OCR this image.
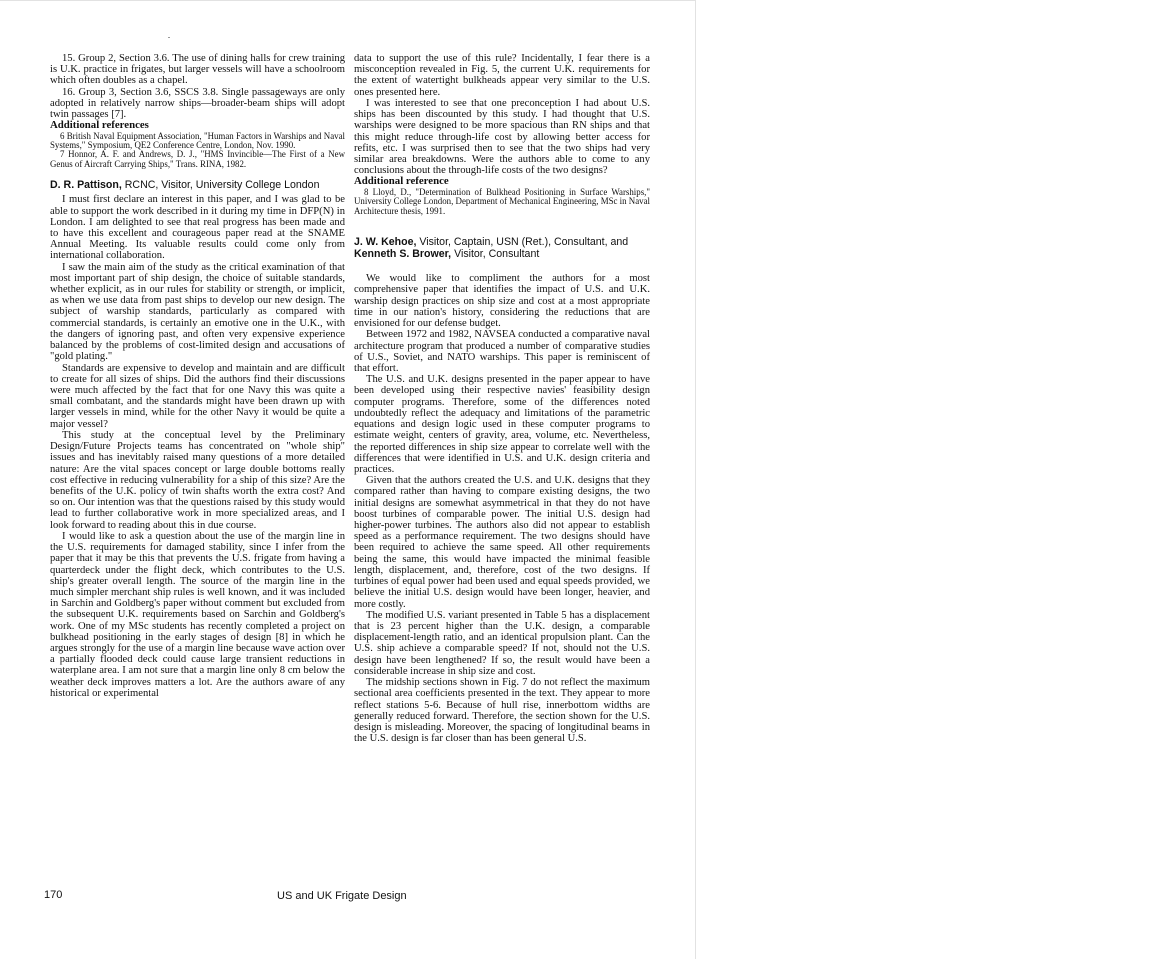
15. Group 2, Section 3.6. The use of dining halls for crew training is U.K. practice in frigates, but larger vessels will have a schoolroom which often doubles as a chapel.

16. Group 3, Section 3.6, SSCS 3.8. Single passageways are only adopted in relatively narrow ships—broader-beam ships will adopt twin passages [7].

Additional references

6 British Naval Equipment Association, "Human Factors in Warships and Naval Systems," Symposium, QE2 Conference Centre, London, Nov. 1990.

7 Honnor, A. F. and Andrews, D. J., "HMS Invincible—The First of a New Genus of Aircraft Carrying Ships," Trans. RINA, 1982.

D. R. Pattison, RCNC, Visitor, University College London

I must first declare an interest in this paper, and I was glad to be able to support the work described in it during my time in DFP(N) in London. I am delighted to see that real progress has been made and to have this excellent and courageous paper read at the SNAME Annual Meeting. Its valuable results could come only from international collaboration.

I saw the main aim of the study as the critical examination of that most important part of ship design, the choice of suitable standards, whether explicit, as in our rules for stability or strength, or implicit, as when we use data from past ships to develop our new design. The subject of warship standards, particularly as compared with commercial standards, is certainly an emotive one in the U.K., with the dangers of ignoring past, and often very expensive experience balanced by the problems of cost-limited design and accusations of "gold plating."

Standards are expensive to develop and maintain and are difficult to create for all sizes of ships. Did the authors find their discussions were much affected by the fact that for one Navy this was quite a small combatant, and the standards might have been drawn up with larger vessels in mind, while for the other Navy it would be quite a major vessel?

This study at the conceptual level by the Preliminary Design/Future Projects teams has concentrated on "whole ship" issues and has inevitably raised many questions of a more detailed nature: Are the vital spaces concept or large double bottoms really cost effective in reducing vulnerability for a ship of this size? Are the benefits of the U.K. policy of twin shafts worth the extra cost? And so on. Our intention was that the questions raised by this study would lead to further collaborative work in more specialized areas, and I look forward to reading about this in due course.

I would like to ask a question about the use of the margin line in the U.S. requirements for damaged stability, since I infer from the paper that it may be this that prevents the U.S. frigate from having a quarterdeck under the flight deck, which contributes to the U.S. ship's greater overall length. The source of the margin line in the much simpler merchant ship rules is well known, and it was included in Sarchin and Goldberg's paper without comment but excluded from the subsequent U.K. requirements based on Sarchin and Goldberg's work. One of my MSc students has recently completed a project on bulkhead positioning in the early stages of design [8] in which he argues strongly for the use of a margin line because wave action over a partially flooded deck could cause large transient reductions in waterplane area. I am not sure that a margin line only 8 cm below the weather deck improves matters a lot. Are the authors aware of any historical or experimental

data to support the use of this rule? Incidentally, I fear there is a misconception revealed in Fig. 5, the current U.K. requirements for the extent of watertight bulkheads appear very similar to the U.S. ones presented here.

I was interested to see that one preconception I had about U.S. ships has been discounted by this study. I had thought that U.S. warships were designed to be more spacious than RN ships and that this might reduce through-life cost by allowing better access for refits, etc. I was surprised then to see that the two ships had very similar area breakdowns. Were the authors able to come to any conclusions about the through-life costs of the two designs?

Additional reference

8 Lloyd, D., "Determination of Bulkhead Positioning in Surface Warships," University College London, Department of Mechanical Engineering, MSc in Naval Architecture thesis, 1991.

J. W. Kehoe, Visitor, Captain, USN (Ret.), Consultant, and
Kenneth S. Brower, Visitor, Consultant

We would like to compliment the authors for a most comprehensive paper that identifies the impact of U.S. and U.K. warship design practices on ship size and cost at a most appropriate time in our nation's history, considering the reductions that are envisioned for our defense budget.

Between 1972 and 1982, NAVSEA conducted a comparative naval architecture program that produced a number of comparative studies of U.S., Soviet, and NATO warships. This paper is reminiscent of that effort.

The U.S. and U.K. designs presented in the paper appear to have been developed using their respective navies' feasibility design computer programs. Therefore, some of the differences noted undoubtedly reflect the adequacy and limitations of the parametric equations and design logic used in these computer programs to estimate weight, centers of gravity, area, volume, etc. Nevertheless, the reported differences in ship size appear to correlate well with the differences that were identified in U.S. and U.K. design criteria and practices.

Given that the authors created the U.S. and U.K. designs that they compared rather than having to compare existing designs, the two initial designs are somewhat asymmetrical in that they do not have boost turbines of comparable power. The initial U.S. design had higher-power turbines. The authors also did not appear to establish speed as a performance requirement. The two designs should have been required to achieve the same speed. All other requirements being the same, this would have impacted the minimal feasible length, displacement, and, therefore, cost of the two designs. If turbines of equal power had been used and equal speeds provided, we believe the initial U.S. design would have been longer, heavier, and more costly.

The modified U.S. variant presented in Table 5 has a displacement that is 23 percent higher than the U.K. design, a comparable displacement-length ratio, and an identical propulsion plant. Can the U.S. ship achieve a comparable speed? If not, should not the U.S. design have been lengthened? If so, the result would have been a considerable increase in ship size and cost.

The midship sections shown in Fig. 7 do not reflect the maximum sectional area coefficients presented in the text. They appear to more reflect stations 5-6. Because of hull rise, innerbottom widths are generally reduced forward. Therefore, the section shown for the U.S. design is misleading. Moreover, the spacing of longitudinal beams in the U.S. design is far closer than has been general U.S.

170	US and UK Frigate Design
